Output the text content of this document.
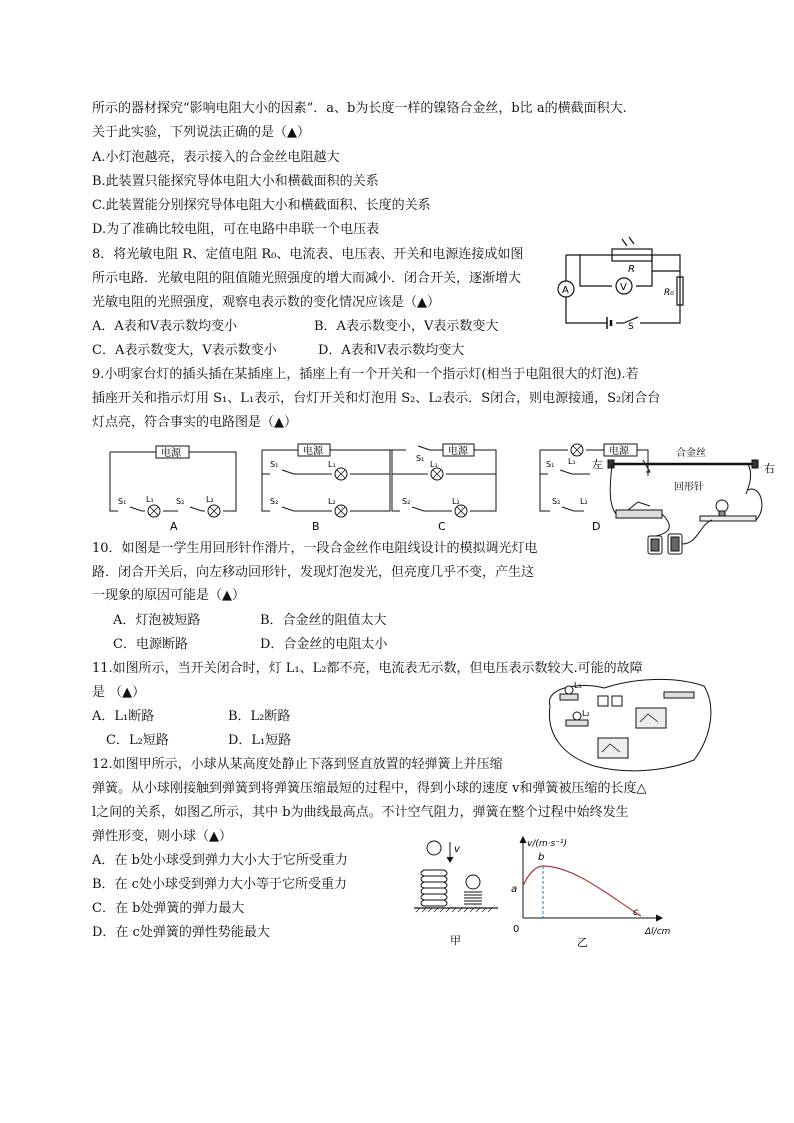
所示的器材探究“影响电阻大小的因素”．a、b为长度一样的镍铬合金丝，b比 a的横截面积大.
关于此实验，下列说法正确的是（▲）
A.小灯泡越亮，表示接入的合金丝电阻越大
B.此装置只能探究导体电阻大小和横截面积的关系
C.此装置能分别探究导体电阻大小和横截面积、长度的关系
D.为了准确比较电阻，可在电路中串联一个电压表
8．将光敏电阻 R、定值电阻 R₀、电流表、电压表、开关和电源连接成如图
所示电路．光敏电阻的阻值随光照强度的增大而减小．闭合开关，逐渐增大
光敏电阻的光照强度，观察电表示数的变化情况应该是（▲）
A．A表和V表示数均变小	B．A表示数变小，V表示数变大
C．A表示数变大，V表示数变小	D．A表和V表示数均变大
R
A	V	R₀
S
9.小明家台灯的插头插在某插座上，插座上有一个开关和一个指示灯(相当于电阻很大的灯泡).若
插座开关和指示灯用 S₁、L₁表示，台灯开关和灯泡用 S₂、L₂表示．S闭合，则电源接通，S₂闭合台
灯点亮，符合事实的电路图是（▲）
电源	电源	电源	电源
S₁ L₁	S₂	L₂
A
S₁	L₁
S₂	L₂
B
S₁
L₁
S₂	L₂
C
L₁
S₁
S₂ L₂
D
合金丝
左	右
回形针
10．如图是一学生用回形针作滑片，一段合金丝作电阻线设计的模拟调光灯电
路．闭合开关后，向左移动回形针，发现灯泡发光，但亮度几乎不变，产生这
一现象的原因可能是（▲）
A．灯泡被短路	B．合金丝的阻值太大
C．电源断路	D．合金丝的电阻太小
11.如图所示，当开关闭合时，灯 L₁、L₂都不亮，电流表无示数，但电压表示数较大.可能的故障
是 （▲）
A．L₁断路	B．L₂断路
C．L₂短路	D．L₁短路
L₁
L₂
12.如图甲所示，小球从某高度处静止下落到竖直放置的轻弹簧上并压缩
弹簧。从小球刚接触到弹簧到将弹簧压缩最短的过程中，得到小球的速度 v和弹簧被压缩的长度△
l之间的关系，如图乙所示，其中 b为曲线最高点。不计空气阻力，弹簧在整个过程中始终发生
弹性形变，则小球（▲）
A．在 b处小球受到弹力大小大于它所受重力
B．在 c处小球受到弹力大小等于它所受重力
C．在 b处弹簧的弹力最大
D．在 c处弹簧的弹性势能最大
v
甲
v/(m·s⁻¹)
a
b
c
0	Δl/cm
乙
